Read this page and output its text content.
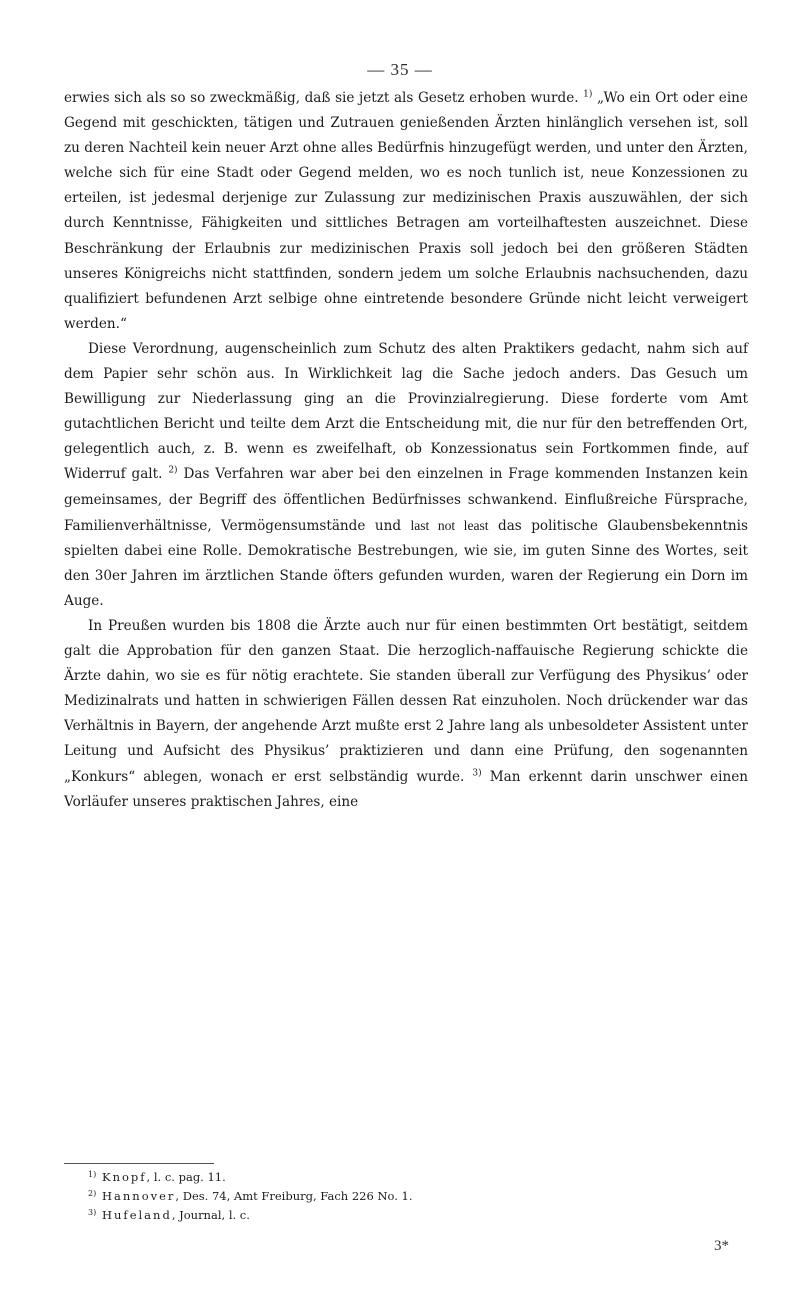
— 35 —

erwies sich als so so zweckmäßig, daß sie jetzt als Gesetz erhoben wurde. $^{1)}$ „Wo ein Ort oder eine Gegend mit geschickten, tätigen und Zutrauen genießenden Ärzten hinlänglich versehen ist, soll zu deren Nachteil kein neuer Arzt ohne alles Bedürfnis hinzugefügt werden, und unter den Ärzten, welche sich für eine Stadt oder Gegend melden, wo es noch tunlich ist, neue Konzessionen zu erteilen, ist jedesmal derjenige zur Zulassung zur medizinischen Praxis auszuwählen, der sich durch Kenntnisse, Fähigkeiten und sittliches Betragen am vorteilhaftesten auszeichnet. Diese Beschränkung der Erlaubnis zur medizinischen Praxis soll jedoch bei den größeren Städten unseres Königreichs nicht stattfinden, sondern jedem um solche Erlaubnis nachsuchenden, dazu qualifiziert befundenen Arzt selbige ohne eintretende besondere Gründe nicht leicht verweigert werden.“

Diese Verordnung, augenscheinlich zum Schutz des alten Praktikers gedacht, nahm sich auf dem Papier sehr schön aus. In Wirklichkeit lag die Sache jedoch anders. Das Gesuch um Bewilligung zur Niederlassung ging an die Provinzialregierung. Diese forderte vom Amt gutachtlichen Bericht und teilte dem Arzt die Entscheidung mit, die nur für den betreffenden Ort, gelegentlich auch, z. B. wenn es zweifelhaft, ob Konzessionatus sein Fortkommen finde, auf Widerruf galt. $^{2)}$ Das Verfahren war aber bei den einzelnen in Frage kommenden Instanzen kein gemeinsames, der Begriff des öffentlichen Bedürfnisses schwankend. Einflußreiche Fürsprache, Familienverhältnisse, Vermögensumstände und last not least das politische Glaubensbekenntnis spielten dabei eine Rolle. Demokratische Bestrebungen, wie sie, im guten Sinne des Wortes, seit den 30er Jahren im ärztlichen Stande öfters gefunden wurden, waren der Regierung ein Dorn im Auge.

In Preußen wurden bis 1808 die Ärzte auch nur für einen bestimmten Ort bestätigt, seitdem galt die Approbation für den ganzen Staat. Die herzoglich-naffauische Regierung schickte die Ärzte dahin, wo sie es für nötig erachtete. Sie standen überall zur Verfügung des Physikus’ oder Medizinalrats und hatten in schwierigen Fällen dessen Rat einzuholen. Noch drückender war das Verhältnis in Bayern, der angehende Arzt mußte erst 2 Jahre lang als unbesoldeter Assistent unter Leitung und Aufsicht des Physikus’ praktizieren und dann eine Prüfung, den sogenannten „Konkurs“ ablegen, wonach er erst selbständig wurde. $^{3)}$ Man erkennt darin unschwer einen Vorläufer unseres praktischen Jahres, eine

1) Knopf, l. c. pag. 11.
2) Hannover, Des. 74, Amt Freiburg, Fach 226 No. 1.
3) Hufeland, Journal, l. c.
3*
